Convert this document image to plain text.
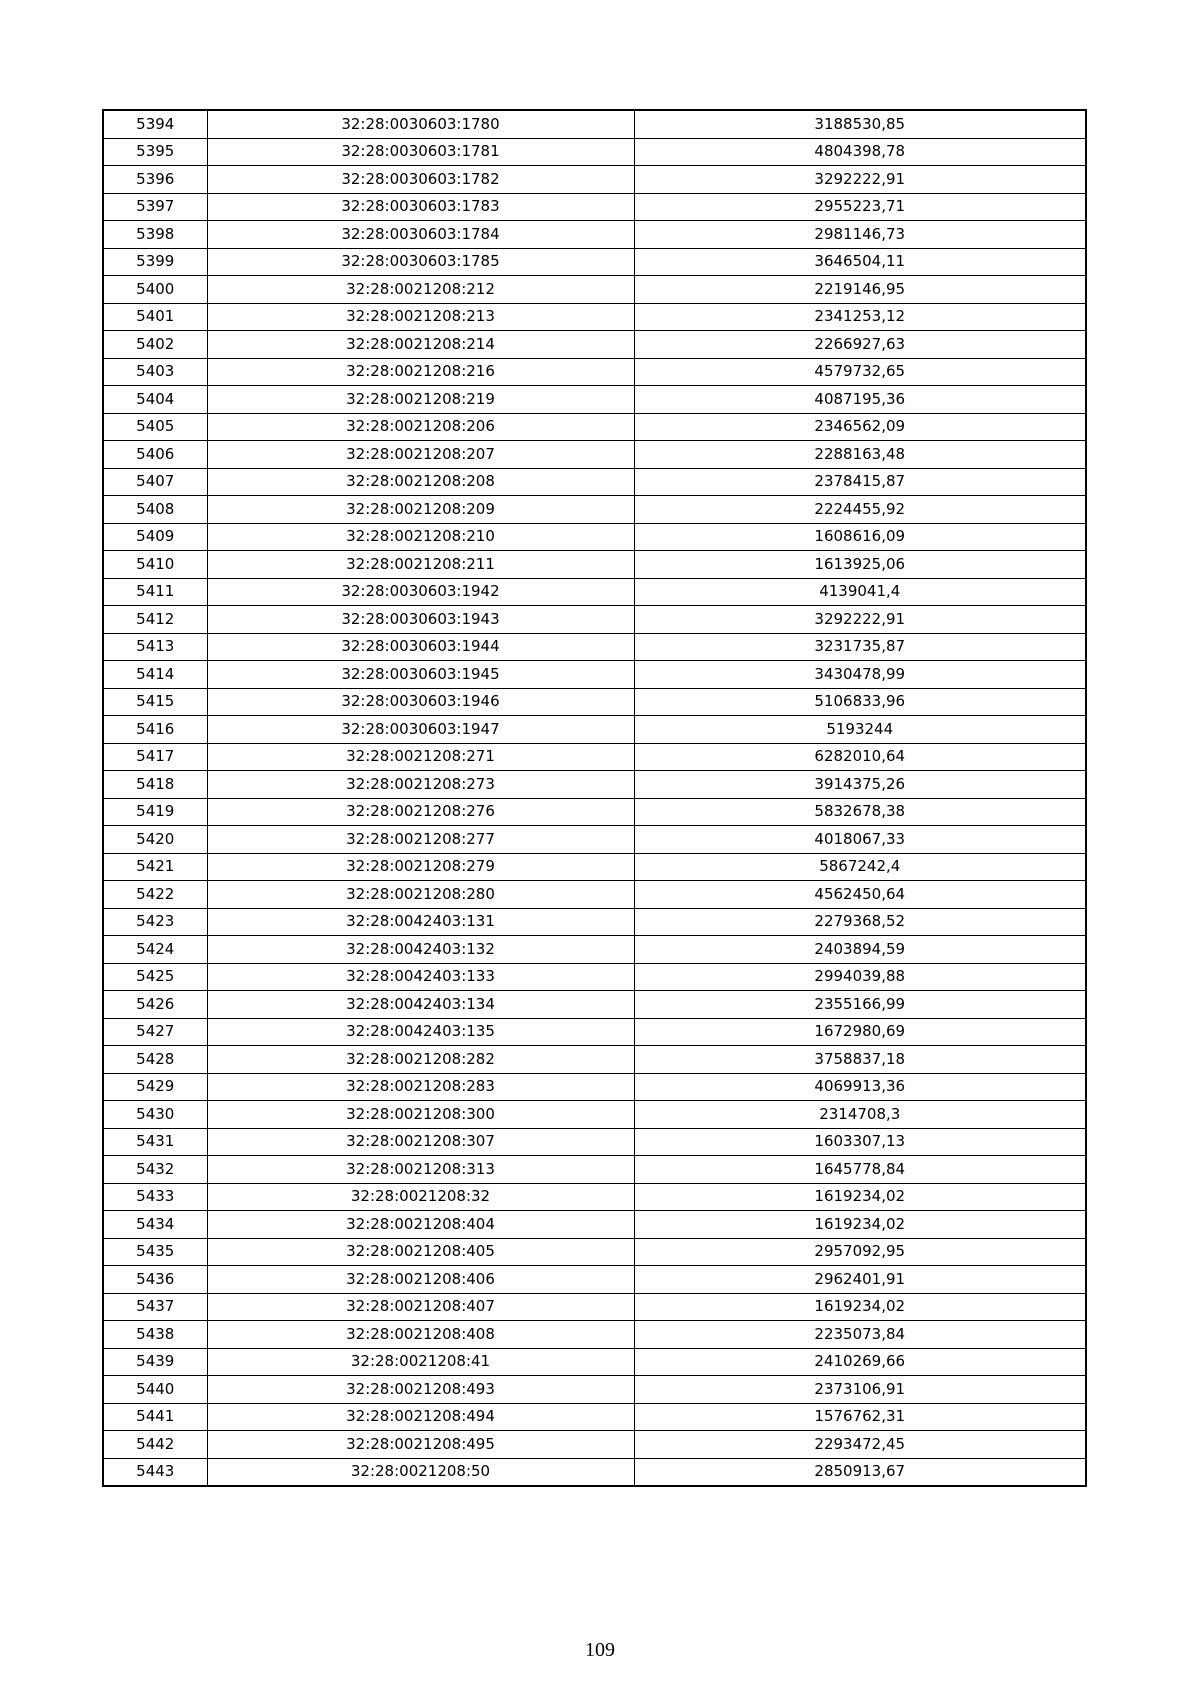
5394	32:28:0030603:1780	3188530,85
5395	32:28:0030603:1781	4804398,78
5396	32:28:0030603:1782	3292222,91
5397	32:28:0030603:1783	2955223,71
5398	32:28:0030603:1784	2981146,73
5399	32:28:0030603:1785	3646504,11
5400	32:28:0021208:212	2219146,95
5401	32:28:0021208:213	2341253,12
5402	32:28:0021208:214	2266927,63
5403	32:28:0021208:216	4579732,65
5404	32:28:0021208:219	4087195,36
5405	32:28:0021208:206	2346562,09
5406	32:28:0021208:207	2288163,48
5407	32:28:0021208:208	2378415,87
5408	32:28:0021208:209	2224455,92
5409	32:28:0021208:210	1608616,09
5410	32:28:0021208:211	1613925,06
5411	32:28:0030603:1942	4139041,4
5412	32:28:0030603:1943	3292222,91
5413	32:28:0030603:1944	3231735,87
5414	32:28:0030603:1945	3430478,99
5415	32:28:0030603:1946	5106833,96
5416	32:28:0030603:1947	5193244
5417	32:28:0021208:271	6282010,64
5418	32:28:0021208:273	3914375,26
5419	32:28:0021208:276	5832678,38
5420	32:28:0021208:277	4018067,33
5421	32:28:0021208:279	5867242,4
5422	32:28:0021208:280	4562450,64
5423	32:28:0042403:131	2279368,52
5424	32:28:0042403:132	2403894,59
5425	32:28:0042403:133	2994039,88
5426	32:28:0042403:134	2355166,99
5427	32:28:0042403:135	1672980,69
5428	32:28:0021208:282	3758837,18
5429	32:28:0021208:283	4069913,36
5430	32:28:0021208:300	2314708,3
5431	32:28:0021208:307	1603307,13
5432	32:28:0021208:313	1645778,84
5433	32:28:0021208:32	1619234,02
5434	32:28:0021208:404	1619234,02
5435	32:28:0021208:405	2957092,95
5436	32:28:0021208:406	2962401,91
5437	32:28:0021208:407	1619234,02
5438	32:28:0021208:408	2235073,84
5439	32:28:0021208:41	2410269,66
5440	32:28:0021208:493	2373106,91
5441	32:28:0021208:494	1576762,31
5442	32:28:0021208:495	2293472,45
5443	32:28:0021208:50	2850913,67
109
